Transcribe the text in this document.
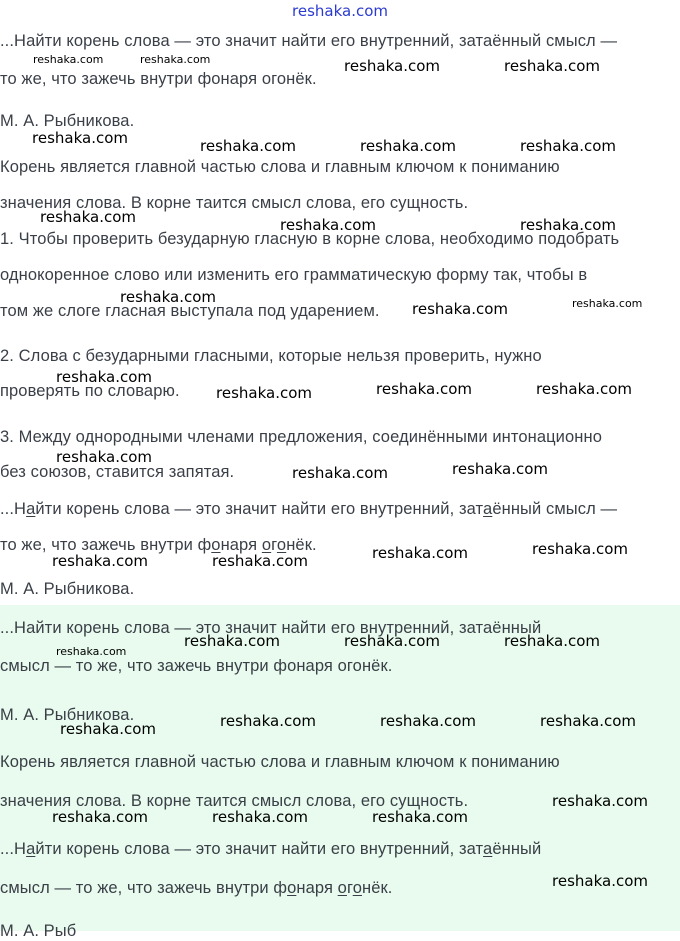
...Найти корень слова — это значит найти его внутренний, затаённый смысл —

то же, что зажечь внутри фонаря огонёк.

М. А. Рыбникова.

Корень является главной частью слова и главным ключом к пониманию

значения слова. В корне таится смысл слова, его сущность.

1. Чтобы проверить безударную гласную в корне слова, необходимо подобрать

однокоренное слово или изменить его грамматическую форму так, чтобы в

том же слоге гласная выступала под ударением.

2. Слова с безударными гласными, которые нельзя проверить, нужно

проверять по словарю.

3. Между однородными членами предложения, соединёнными интонационно

без союзов, ставится запятая.

...Найти корень слова — это значит найти его внутренний, затаённый смысл —

то же, что зажечь внутри фонаря огонёк.

М. А. Рыбникова.

...Найти корень слова — это значит найти его внутренний, затаённый

смысл — то же, что зажечь внутри фонаря огонёк.

М. А. Рыбникова.

Корень является главной частью слова и главным ключом к пониманию

значения слова. В корне таится смысл слова, его сущность.

...Найти корень слова — это значит найти его внутренний, затаённый

смысл — то же, что зажечь внутри фонаря огонёк.

М. А. Рыб

reshaka.com
reshaka.com	reshaka.com	reshaka.com	reshaka.com
reshaka.com	reshaka.com	reshaka.com	reshaka.com
reshaka.com	reshaka.com	reshaka.com
reshaka.com	reshaka.com
reshaka.com
reshaka.com
reshaka.com	reshaka.com
reshaka.com
reshaka.com
reshaka.com
reshaka.com
reshaka.com
reshaka.com
reshaka.com	reshaka.com
reshaka.com	reshaka.com	reshaka.com
reshaka.com
reshaka.com	reshaka.com	reshaka.com
reshaka.com
reshaka.com
reshaka.com	reshaka.com	reshaka.com
reshaka.com
